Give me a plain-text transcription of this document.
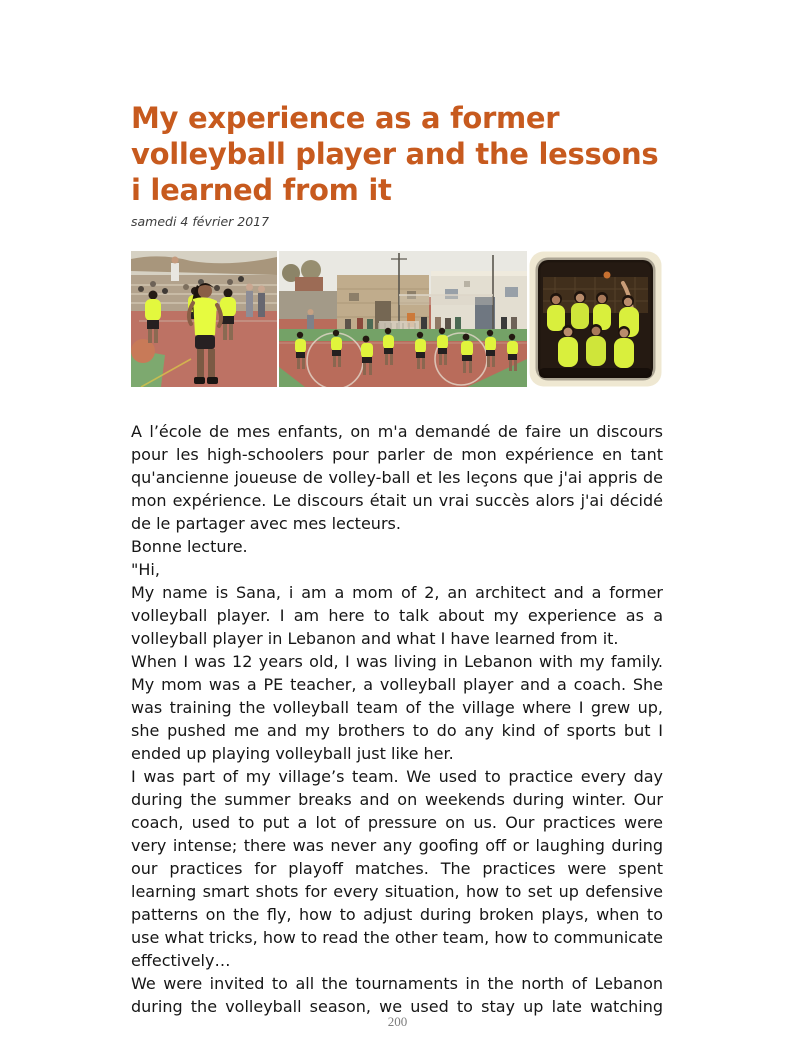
My experience as a former volleyball player and the lessons i learned from it
samedi 4 février 2017

A l’école de mes enfants, on m'a demandé de faire un discours pour les high-schoolers pour parler de mon expérience en tant qu'ancienne joueuse de volley-ball et les leçons que j'ai appris de mon expérience. Le discours était un vrai succès alors j'ai décidé de le partager avec mes lecteurs.

Bonne lecture.

"Hi,

My name is Sana, i am a mom of 2, an architect and a former volleyball player. I am here to talk about my experience as a volleyball player in Lebanon and what I have learned from it.

When I was 12 years old, I was living in Lebanon with my family. My mom was a PE teacher, a volleyball player and a coach. She was training the volleyball team of the village where I grew up, she pushed me and my brothers to do any kind of sports but I ended up playing volleyball just like her.

I was part of my village’s team. We used to practice every day during the summer breaks and on weekends during winter. Our coach, used to put a lot of pressure on us. Our practices were very intense; there was never any goofing off or laughing during our practices for playoff matches. The practices were spent learning smart shots for every situation, how to set up defensive patterns on the fly, how to adjust during broken plays, when to use what tricks, how to read the other team, how to communicate effectively…

We were invited to all the tournaments in the north of Lebanon during the volleyball season, we used to stay up late watching

200
